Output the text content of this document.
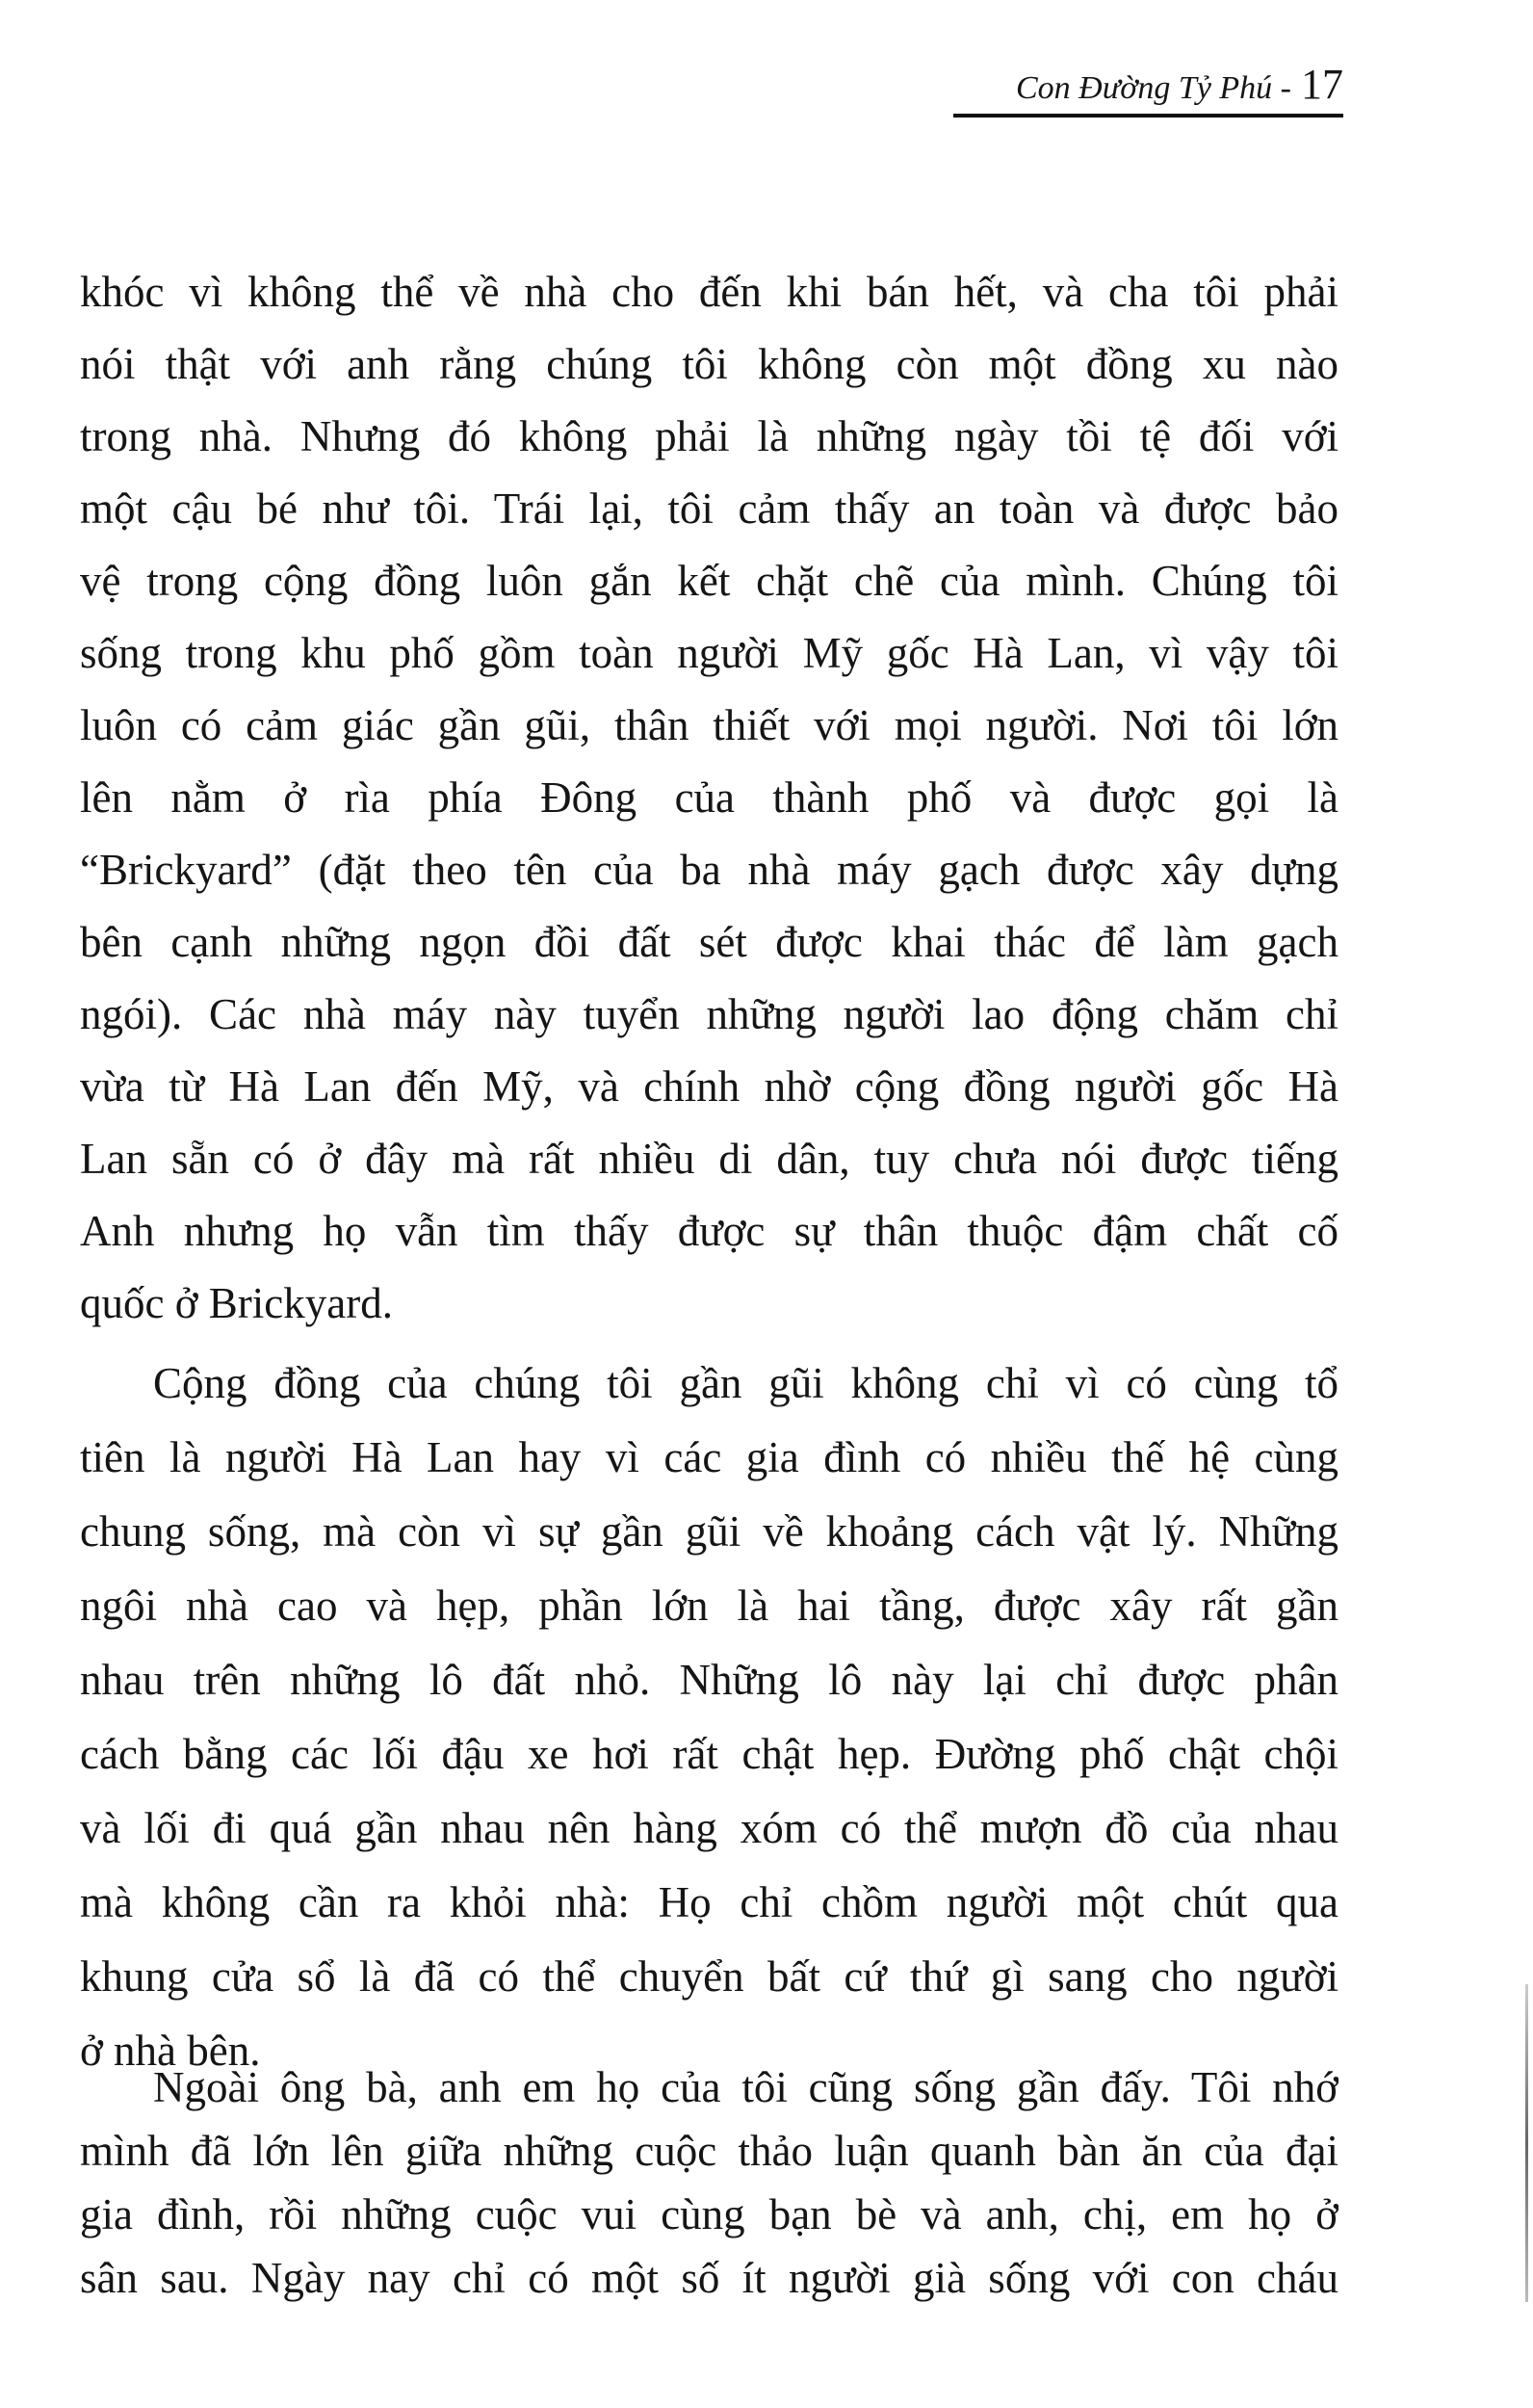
Con Đường Tỷ Phú - 17
khóc vì không thể về nhà cho đến khi bán hết, và cha tôi phải
nói thật với anh rằng chúng tôi không còn một đồng xu nào
trong nhà. Nhưng đó không phải là những ngày tồi tệ đối với
một cậu bé như tôi. Trái lại, tôi cảm thấy an toàn và được bảo
vệ trong cộng đồng luôn gắn kết chặt chẽ của mình. Chúng tôi
sống trong khu phố gồm toàn người Mỹ gốc Hà Lan, vì vậy tôi
luôn có cảm giác gần gũi, thân thiết với mọi người. Nơi tôi lớn
lên nằm ở rìa phía Đông của thành phố và được gọi là
“Brickyard” (đặt theo tên của ba nhà máy gạch được xây dựng
bên cạnh những ngọn đồi đất sét được khai thác để làm gạch
ngói). Các nhà máy này tuyển những người lao động chăm chỉ
vừa từ Hà Lan đến Mỹ, và chính nhờ cộng đồng người gốc Hà
Lan sẵn có ở đây mà rất nhiều di dân, tuy chưa nói được tiếng
Anh nhưng họ vẫn tìm thấy được sự thân thuộc đậm chất cố
quốc ở Brickyard.
Cộng đồng của chúng tôi gần gũi không chỉ vì có cùng tổ
tiên là người Hà Lan hay vì các gia đình có nhiều thế hệ cùng
chung sống, mà còn vì sự gần gũi về khoảng cách vật lý. Những
ngôi nhà cao và hẹp, phần lớn là hai tầng, được xây rất gần
nhau trên những lô đất nhỏ. Những lô này lại chỉ được phân
cách bằng các lối đậu xe hơi rất chật hẹp. Đường phố chật chội
và lối đi quá gần nhau nên hàng xóm có thể mượn đồ của nhau
mà không cần ra khỏi nhà: Họ chỉ chồm người một chút qua
khung cửa sổ là đã có thể chuyển bất cứ thứ gì sang cho người
ở nhà bên.
Ngoài ông bà, anh em họ của tôi cũng sống gần đấy. Tôi nhớ
mình đã lớn lên giữa những cuộc thảo luận quanh bàn ăn của đại
gia đình, rồi những cuộc vui cùng bạn bè và anh, chị, em họ ở
sân sau. Ngày nay chỉ có một số ít người già sống với con cháu
